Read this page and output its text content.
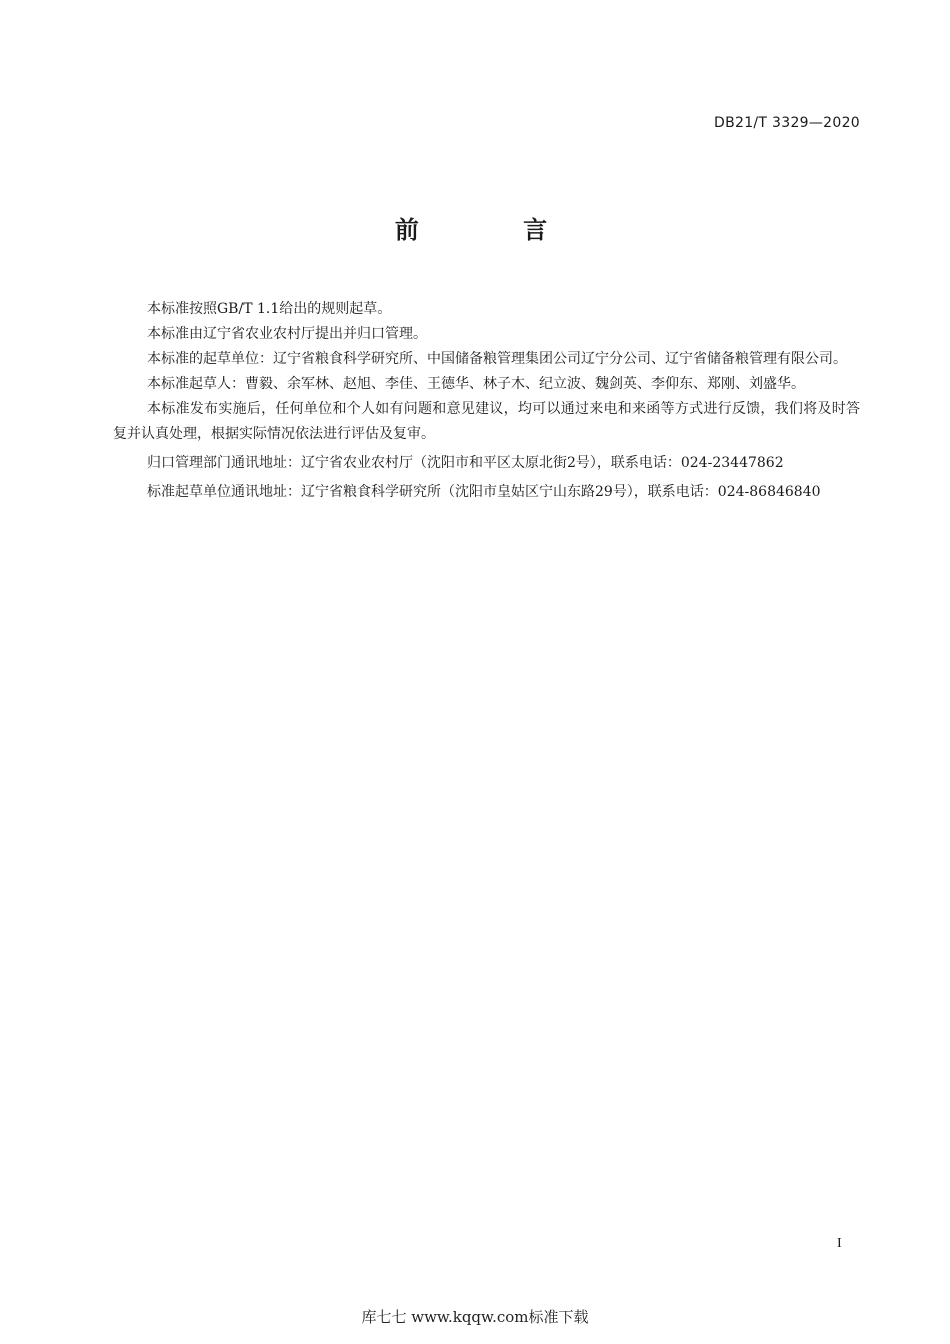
DB21/T 3329—2020
前 言

本标准按照GB/T 1.1给出的规则起草。

本标准由辽宁省农业农村厅提出并归口管理。

本标准的起草单位：辽宁省粮食科学研究所、中国储备粮管理集团公司辽宁分公司、辽宁省储备粮管理有限公司。

本标准起草人：曹毅、余军林、赵旭、李佳、王德华、林子木、纪立波、魏剑英、李仰东、郑刚、刘盛华。

本标准发布实施后，任何单位和个人如有问题和意见建议，均可以通过来电和来函等方式进行反馈，我们将及时答复并认真处理，根据实际情况依法进行评估及复审。

归口管理部门通讯地址：辽宁省农业农村厅（沈阳市和平区太原北街2号），联系电话：024-23447862

标准起草单位通讯地址：辽宁省粮食科学研究所（沈阳市皇姑区宁山东路29号），联系电话：024-86846840

I
库七七 www.kqqw.com标准下载
